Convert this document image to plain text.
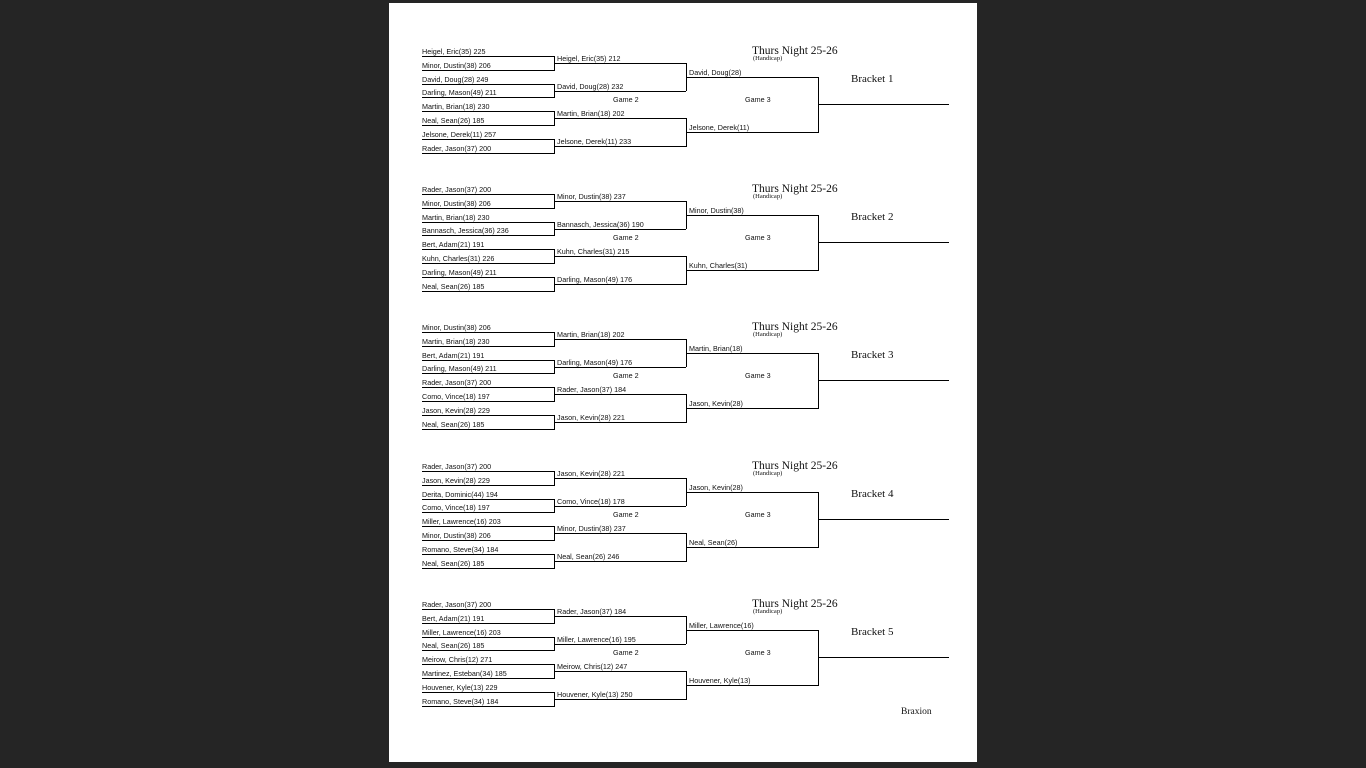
Braxion
Heigel, Eric(35) 225
Minor, Dustin(38) 206
David, Doug(28) 249
Darling, Mason(49) 211
Martin, Brian(18) 230
Neal, Sean(26) 185
Jelsone, Derek(11) 257
Rader, Jason(37) 200
Heigel, Eric(35) 212
David, Doug(28) 232
Martin, Brian(18) 202
Jelsone, Derek(11) 233
David, Doug(28)
Jelsone, Derek(11)
Game 2	Game 3
Thurs Night 25-26
(Handicap)
Bracket 1
Rader, Jason(37) 200
Minor, Dustin(38) 206
Martin, Brian(18) 230
Bannasch, Jessica(36) 236
Bert, Adam(21) 191
Kuhn, Charles(31) 226
Darling, Mason(49) 211
Neal, Sean(26) 185
Minor, Dustin(38) 237
Bannasch, Jessica(36) 190
Kuhn, Charles(31) 215
Darling, Mason(49) 176
Minor, Dustin(38)
Kuhn, Charles(31)
Game 2	Game 3
Thurs Night 25-26
(Handicap)
Bracket 2
Minor, Dustin(38) 206
Martin, Brian(18) 230
Bert, Adam(21) 191
Darling, Mason(49) 211
Rader, Jason(37) 200
Como, Vince(18) 197
Jason, Kevin(28) 229
Neal, Sean(26) 185
Martin, Brian(18) 202
Darling, Mason(49) 176
Rader, Jason(37) 184
Jason, Kevin(28) 221
Martin, Brian(18)
Jason, Kevin(28)
Game 2	Game 3
Thurs Night 25-26
(Handicap)
Bracket 3
Rader, Jason(37) 200
Jason, Kevin(28) 229
Derita, Dominic(44) 194
Como, Vince(18) 197
Miller, Lawrence(16) 203
Minor, Dustin(38) 206
Romano, Steve(34) 184
Neal, Sean(26) 185
Jason, Kevin(28) 221
Como, Vince(18) 178
Minor, Dustin(38) 237
Neal, Sean(26) 246
Jason, Kevin(28)
Neal, Sean(26)
Game 2	Game 3
Thurs Night 25-26
(Handicap)
Bracket 4
Rader, Jason(37) 200
Bert, Adam(21) 191
Miller, Lawrence(16) 203
Neal, Sean(26) 185
Meirow, Chris(12) 271
Martinez, Esteban(34) 185
Houvener, Kyle(13) 229
Romano, Steve(34) 184
Rader, Jason(37) 184
Miller, Lawrence(16) 195
Meirow, Chris(12) 247
Houvener, Kyle(13) 250
Miller, Lawrence(16)
Houvener, Kyle(13)
Game 2	Game 3
Thurs Night 25-26
(Handicap)
Bracket 5
